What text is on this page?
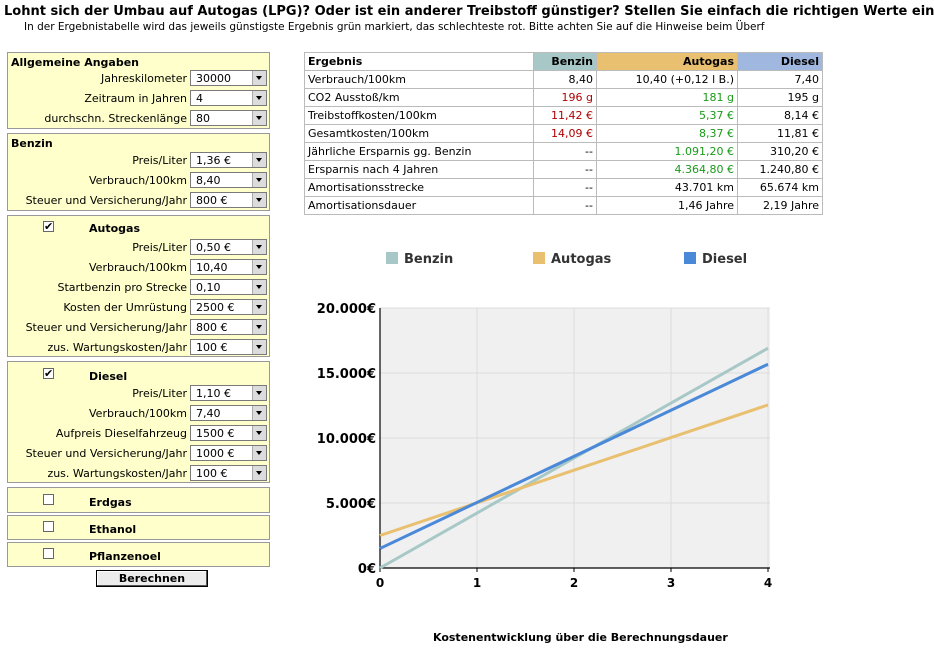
Lohnt sich der Umbau auf Autogas (LPG)? Oder ist ein anderer Treibstoff günstiger? Stellen Sie einfach die richtigen Werte ein
In der Ergebnistabelle wird das jeweils günstigste Ergebnis grün markiert, das schlechteste rot. Bitte achten Sie auf die Hinweise beim Überf
Allgemeine Angaben
Jahreskilometer 30000
Zeitraum in Jahren 4
durchschn. Streckenlänge 80
Benzin
Preis/Liter 1,36 €
Verbrauch/100km 8,40
Steuer und Versicherung/Jahr 800 €
✔	Autogas
Preis/Liter 0,50 €
Verbrauch/100km 10,40
Startbenzin pro Strecke 0,10
Kosten der Umrüstung 2500 €
Steuer und Versicherung/Jahr 800 €
zus. Wartungskosten/Jahr 100 €
✔	Diesel
Preis/Liter 1,10 €
Verbrauch/100km 7,40
Aufpreis Dieselfahrzeug 1500 €
Steuer und Versicherung/Jahr 1000 €
zus. Wartungskosten/Jahr 100 €
Erdgas
Ethanol
Pflanzenoel
Berechnen
Ergebnis	Benzin	Autogas	Diesel
Verbrauch/100km	8,40	10,40 (+0,12 l B.)	7,40
CO2 Ausstoß/km	196 g	181 g	195 g
Treibstoffkosten/100km	11,42 €	5,37 €	8,14 €
Gesamtkosten/100km	14,09 €	8,37 €	11,81 €
Jährliche Ersparnis gg. Benzin	--	1.091,20 €	310,20 €
Ersparnis nach 4 Jahren	--	4.364,80 €	1.240,80 €
Amortisationsstrecke	--	43.701 km	65.674 km
Amortisationsdauer	--	1,46 Jahre	2,19 Jahre
0€
5.000€
10.000€
15.000€
20.000€
0	1	2	3	4
Benzin	Autogas	Diesel
Kostenentwicklung über die Berechnungsdauer
